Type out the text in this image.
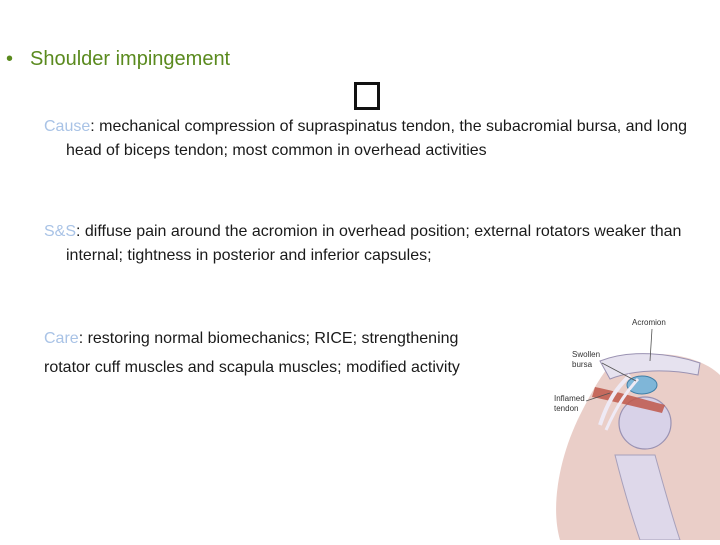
• Shoulder impingement
Cause: mechanical compression of supraspinatus tendon, the subacromial bursa, and long head of biceps tendon; most common in overhead activities
S&S: diffuse pain around the acromion in overhead position; external rotators weaker than internal; tightness in posterior and inferior capsules;
Care: restoring normal biomechanics; RICE; strengthening rotator cuff muscles and scapula muscles; modified activity
Acromion
Swollen
bursa
Inflamed
tendon
